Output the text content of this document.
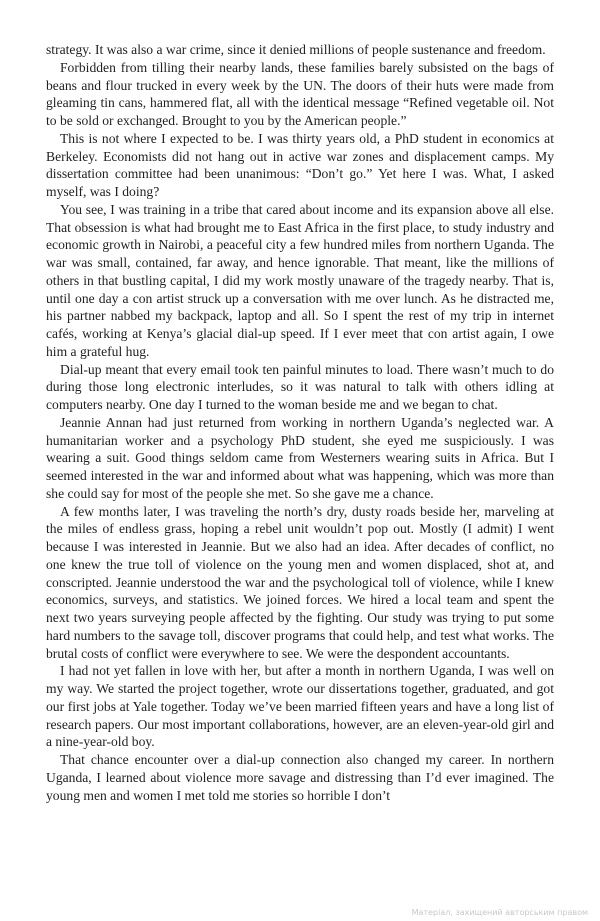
strategy. It was also a war crime, since it denied millions of people sustenance and freedom.

Forbidden from tilling their nearby lands, these families barely subsisted on the bags of beans and flour trucked in every week by the UN. The doors of their huts were made from gleaming tin cans, hammered flat, all with the identical message “Refined vegetable oil. Not to be sold or exchanged. Brought to you by the American people.”

This is not where I expected to be. I was thirty years old, a PhD student in economics at Berkeley. Economists did not hang out in active war zones and displacement camps. My dissertation committee had been unanimous: “Don’t go.” Yet here I was. What, I asked myself, was I doing?

You see, I was training in a tribe that cared about income and its expansion above all else. That obsession is what had brought me to East Africa in the first place, to study industry and economic growth in Nairobi, a peaceful city a few hundred miles from northern Uganda. The war was small, contained, far away, and hence ignorable. That meant, like the millions of others in that bustling capital, I did my work mostly unaware of the tragedy nearby. That is, until one day a con artist struck up a conversation with me over lunch. As he distracted me, his partner nabbed my backpack, laptop and all. So I spent the rest of my trip in internet cafés, working at Kenya’s glacial dial-up speed. If I ever meet that con artist again, I owe him a grateful hug.

Dial-up meant that every email took ten painful minutes to load. There wasn’t much to do during those long electronic interludes, so it was natural to talk with others idling at computers nearby. One day I turned to the woman beside me and we began to chat.

Jeannie Annan had just returned from working in northern Uganda’s neglected war. A humanitarian worker and a psychology PhD student, she eyed me suspiciously. I was wearing a suit. Good things seldom came from Westerners wearing suits in Africa. But I seemed interested in the war and informed about what was happening, which was more than she could say for most of the people she met. So she gave me a chance.

A few months later, I was traveling the north’s dry, dusty roads beside her, marveling at the miles of endless grass, hoping a rebel unit wouldn’t pop out. Mostly (I admit) I went because I was interested in Jeannie. But we also had an idea. After decades of conflict, no one knew the true toll of violence on the young men and women displaced, shot at, and conscripted. Jeannie understood the war and the psychological toll of violence, while I knew economics, surveys, and statistics. We joined forces. We hired a local team and spent the next two years surveying people affected by the fighting. Our study was trying to put some hard numbers to the savage toll, discover programs that could help, and test what works. The brutal costs of conflict were everywhere to see. We were the despondent accountants.

I had not yet fallen in love with her, but after a month in northern Uganda, I was well on my way. We started the project together, wrote our dissertations together, graduated, and got our first jobs at Yale together. Today we’ve been married fifteen years and have a long list of research papers. Our most important collaborations, however, are an eleven-year-old girl and a nine-year-old boy.

That chance encounter over a dial-up connection also changed my career. In northern Uganda, I learned about violence more savage and distressing than I’d ever imagined. The young men and women I met told me stories so horrible I don’t

Матеріал, захищений авторським правом
